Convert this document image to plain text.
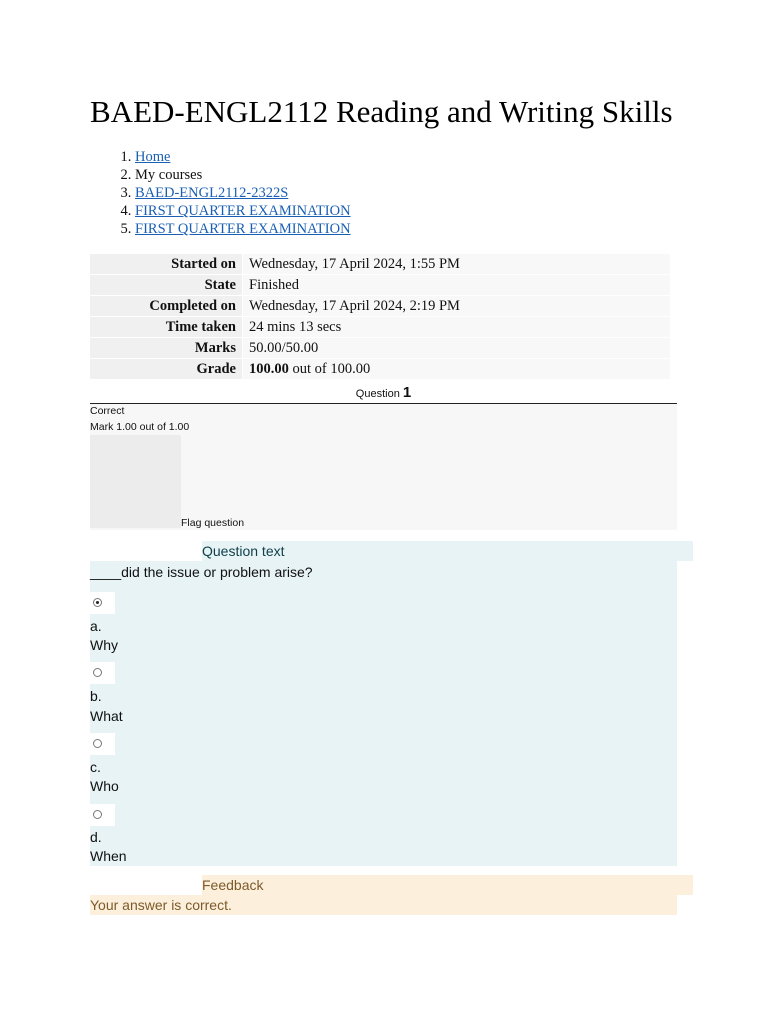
BAED-ENGL2112 Reading and Writing Skills
1. Home
2. My courses
3. BAED-ENGL2112-2322S
4. FIRST QUARTER EXAMINATION
5. FIRST QUARTER EXAMINATION
Started on	Wednesday, 17 April 2024, 1:55 PM
State	Finished
Completed on	Wednesday, 17 April 2024, 2:19 PM
Time taken	24 mins 13 secs
Marks	50.00/50.00
Grade	100.00 out of 100.00
Question 1
Correct
Mark 1.00 out of 1.00
Flag question
Question text
____did the issue or problem arise?
a.
Why
b.
What
c.
Who
d.
When
Feedback
Your answer is correct.
